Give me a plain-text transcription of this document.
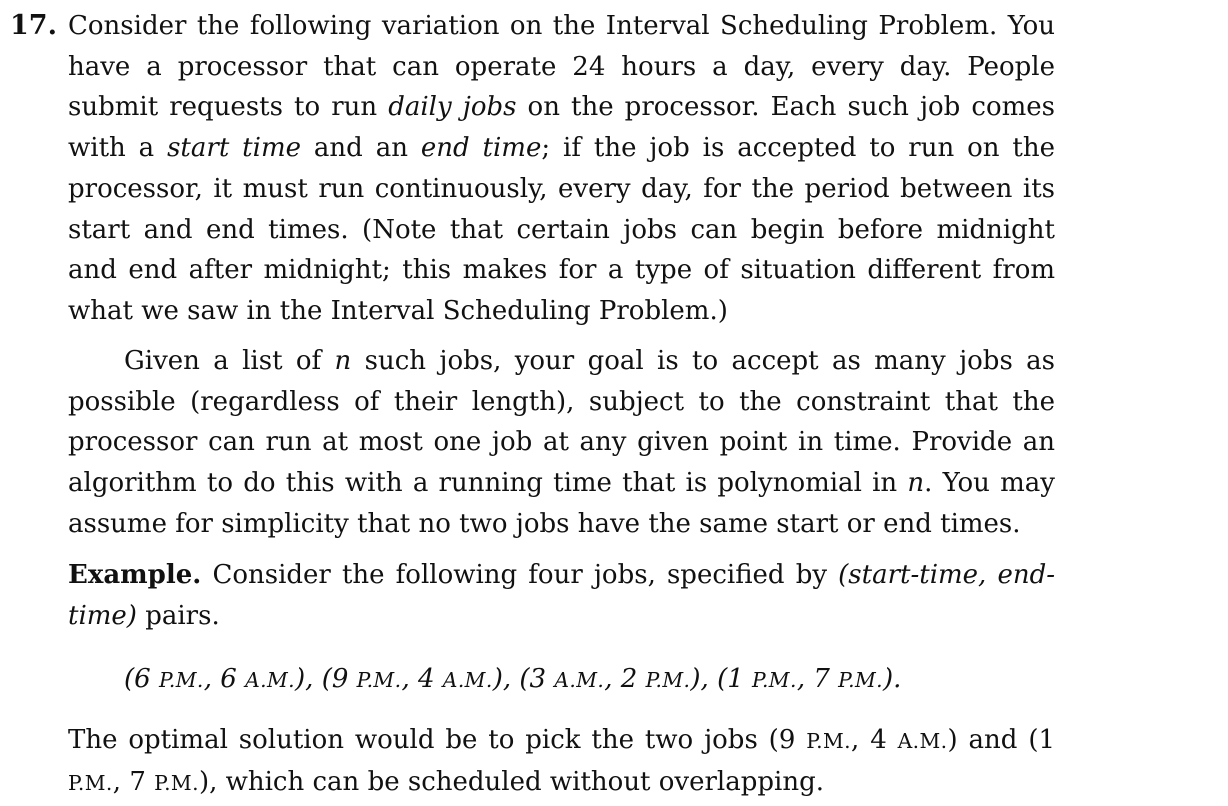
17. Consider the following variation on the Interval Scheduling Problem. You have a processor that can operate 24 hours a day, every day. People submit requests to run daily jobs on the processor. Each such job comes with a start time and an end time; if the job is accepted to run on the processor, it must run continuously, every day, for the period between its start and end times. (Note that certain jobs can begin before midnight and end after midnight; this makes for a type of situation different from what we saw in the Interval Scheduling Problem.)

Given a list of n such jobs, your goal is to accept as many jobs as possible (regardless of their length), subject to the constraint that the processor can run at most one job at any given point in time. Provide an algorithm to do this with a running time that is polynomial in n. You may assume for simplicity that no two jobs have the same start or end times.

Example. Consider the following four jobs, specified by (start-time, end-time) pairs.

(6 P.M., 6 A.M.), (9 P.M., 4 A.M.), (3 A.M., 2 P.M.), (1 P.M., 7 P.M.).

The optimal solution would be to pick the two jobs (9 P.M., 4 A.M.) and (1 P.M., 7 P.M.), which can be scheduled without overlapping.
